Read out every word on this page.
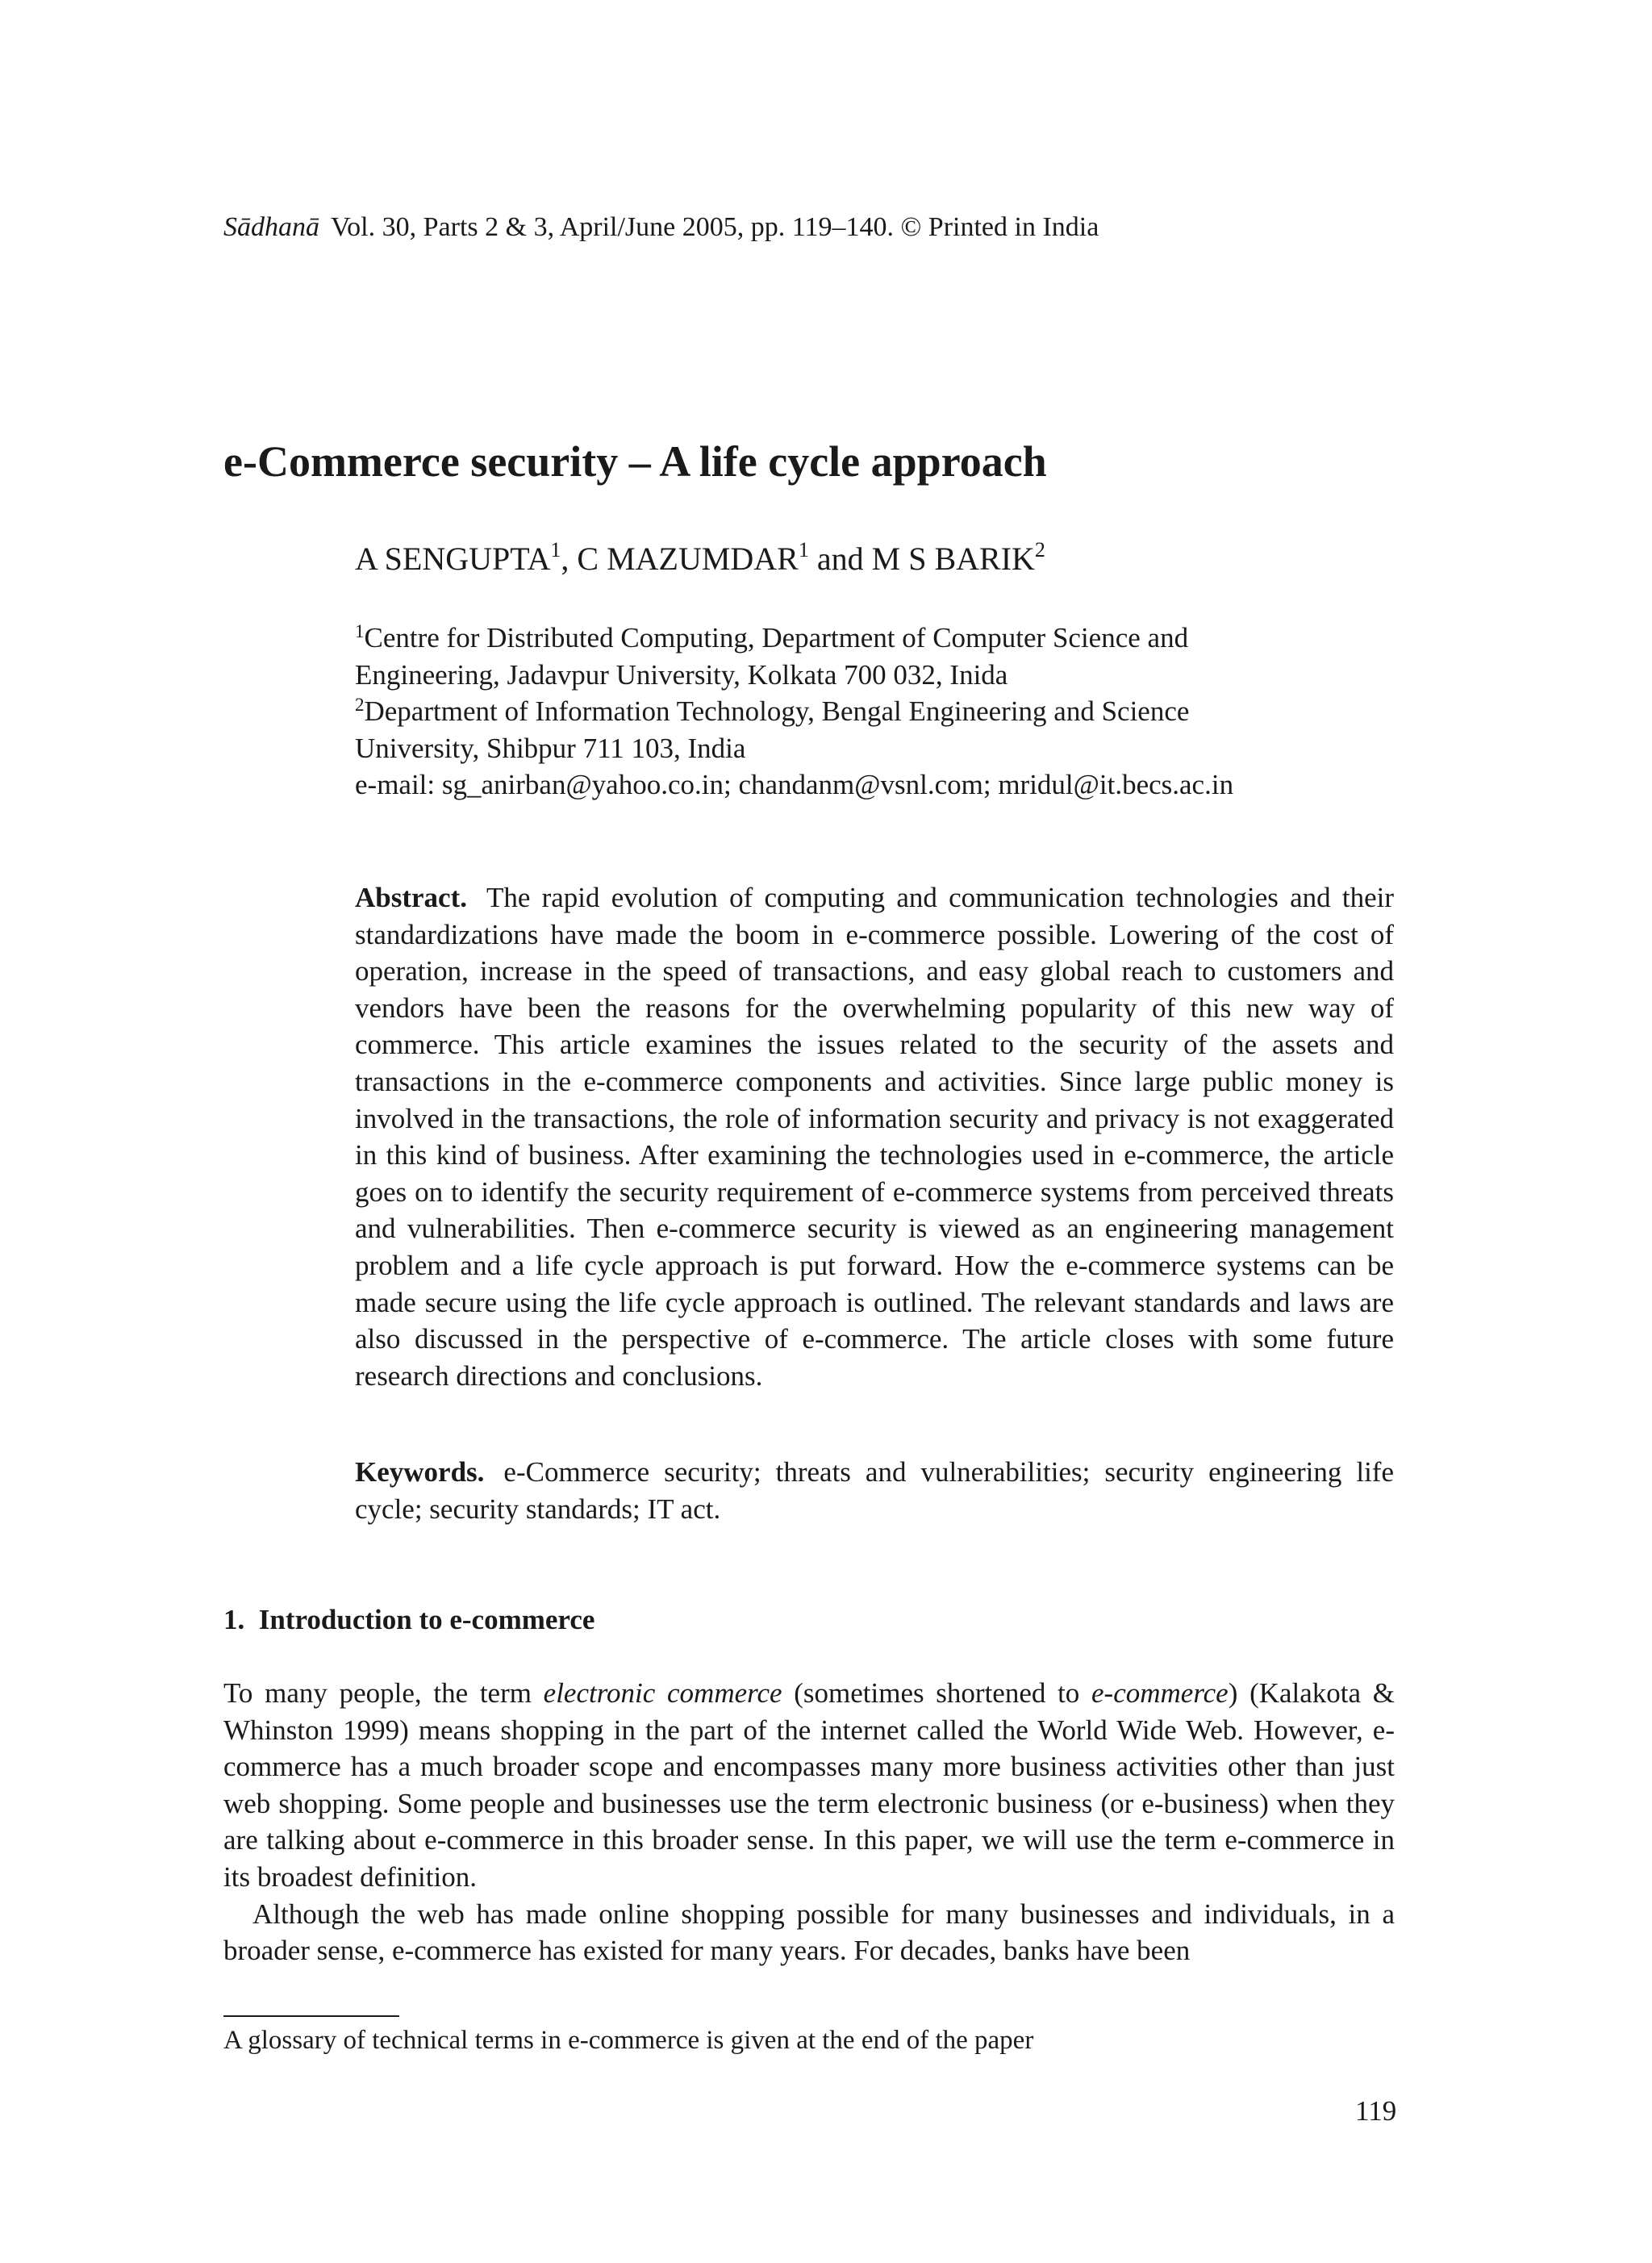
Sādhanā Vol. 30, Parts 2 & 3, April/June 2005, pp. 119–140. © Printed in India
e-Commerce security – A life cycle approach
A SENGUPTA$^1$, C MAZUMDAR$^1$ and M S BARIK$^2$
$^1$Centre for Distributed Computing, Department of Computer Science and
Engineering, Jadavpur University, Kolkata 700 032, Inida
$^2$Department of Information Technology, Bengal Engineering and Science
University, Shibpur 711 103, India
e-mail: sg_anirban@yahoo.co.in; chandanm@vsnl.com; mridul@it.becs.ac.in
Abstract. The rapid evolution of computing and communication technologies and their standardizations have made the boom in e-commerce possible. Lowering of the cost of operation, increase in the speed of transactions, and easy global reach to customers and vendors have been the reasons for the overwhelming popularity of this new way of commerce. This article examines the issues related to the security of the assets and transactions in the e-commerce components and activities. Since large public money is involved in the transactions, the role of information security and privacy is not exaggerated in this kind of business. After examining the technologies used in e-commerce, the article goes on to identify the security requirement of e-commerce systems from perceived threats and vulnerabilities. Then e-commerce security is viewed as an engineering management problem and a life cycle approach is put forward. How the e-commerce systems can be made secure using the life cycle approach is outlined. The relevant standards and laws are also discussed in the perspective of e-commerce. The article closes with some future research directions and conclusions.
Keywords. e-Commerce security; threats and vulnerabilities; security engineering life cycle; security standards; IT act.
1.  Introduction to e-commerce

To many people, the term electronic commerce (sometimes shortened to e-commerce) (Kalakota & Whinston 1999) means shopping in the part of the internet called the World Wide Web. However, e-commerce has a much broader scope and encompasses many more business activities other than just web shopping. Some people and businesses use the term electronic business (or e-business) when they are talking about e-commerce in this broader sense. In this paper, we will use the term e-commerce in its broadest definition.

Although the web has made online shopping possible for many businesses and individuals, in a broader sense, e-commerce has existed for many years. For decades, banks have been

A glossary of technical terms in e-commerce is given at the end of the paper
119
